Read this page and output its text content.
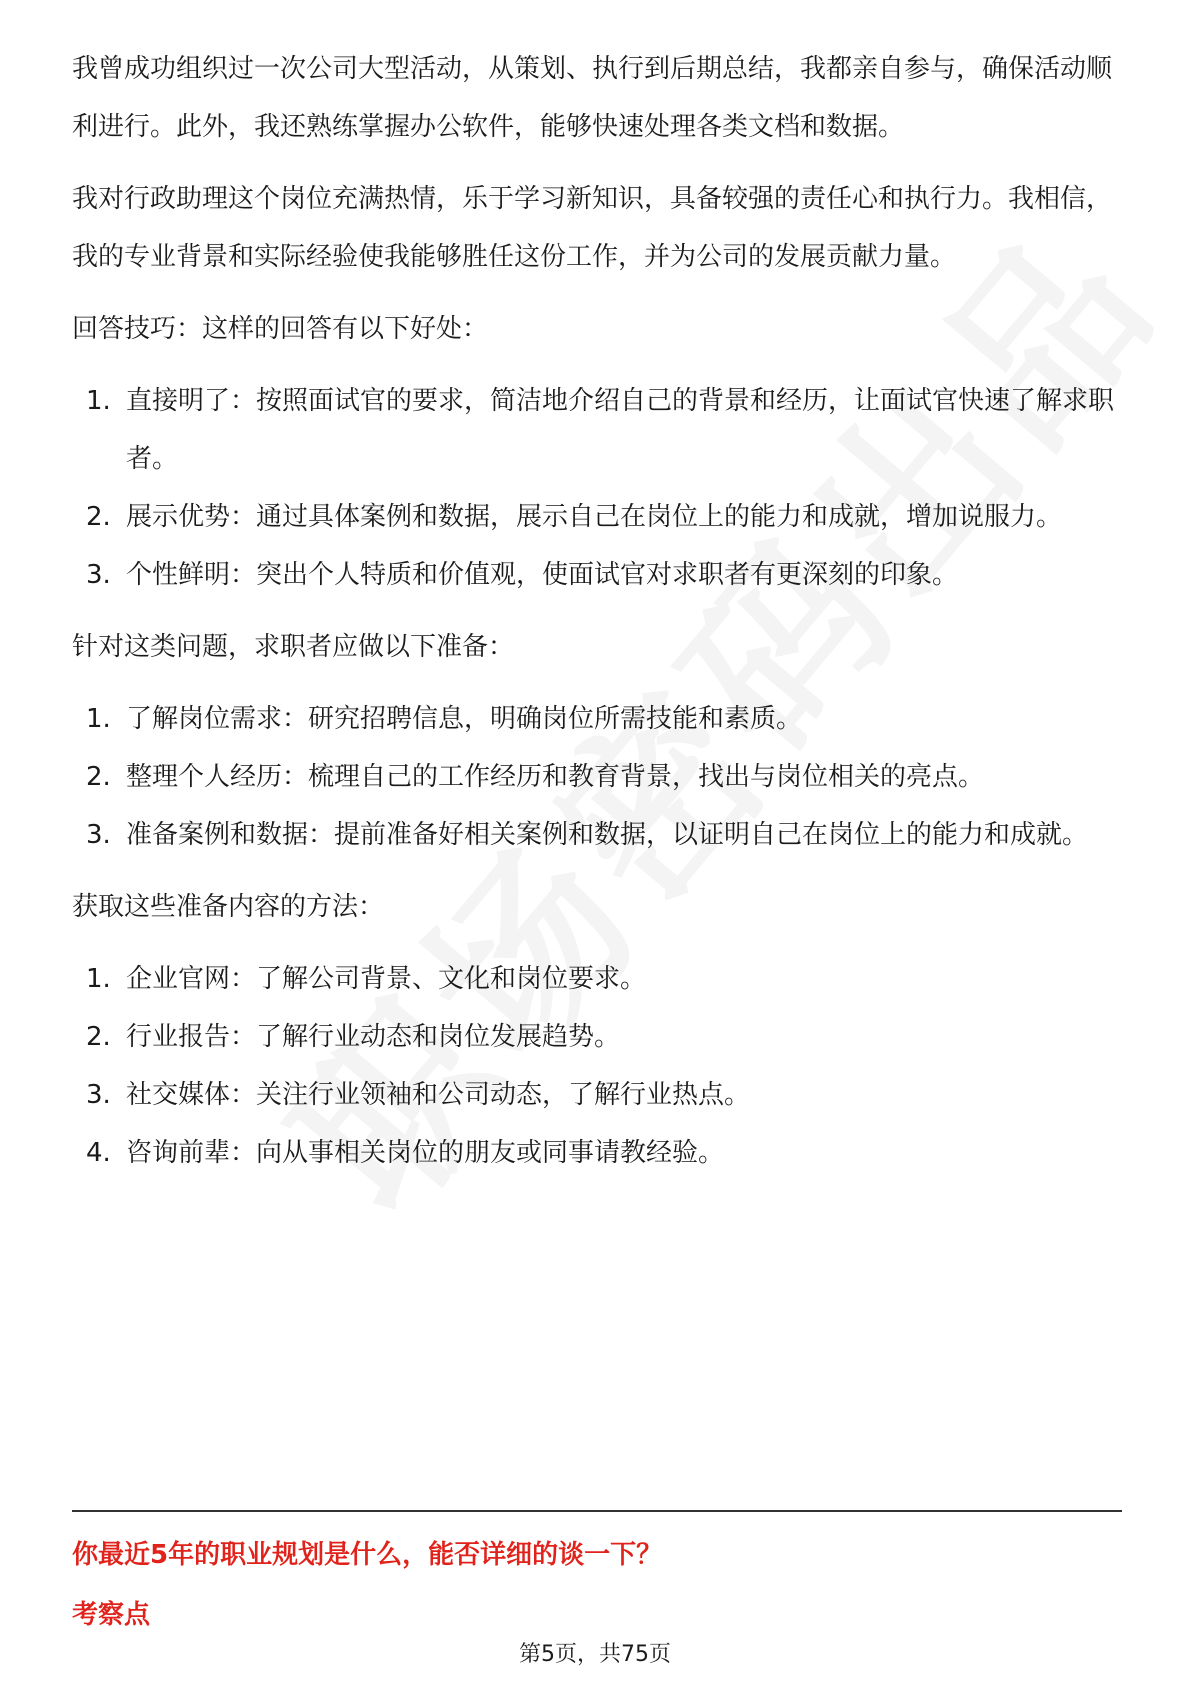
我曾成功组织过一次公司大型活动，从策划、执行到后期总结，我都亲自参与，确保活动顺利进行。此外，我还熟练掌握办公软件，能够快速处理各类文档和数据。

我对行政助理这个岗位充满热情，乐于学习新知识，具备较强的责任心和执行力。我相信，我的专业背景和实际经验使我能够胜任这份工作，并为公司的发展贡献力量。

回答技巧：这样的回答有以下好处：
1. 直接明了：按照面试官的要求，简洁地介绍自己的背景和经历，让面试官快速了解求职者。
2. 展示优势：通过具体案例和数据，展示自己在岗位上的能力和成就，增加说服力。
3. 个性鲜明：突出个人特质和价值观，使面试官对求职者有更深刻的印象。
针对这类问题，求职者应做以下准备：
1. 了解岗位需求：研究招聘信息，明确岗位所需技能和素质。
2. 整理个人经历：梳理自己的工作经历和教育背景，找出与岗位相关的亮点。
3. 准备案例和数据：提前准备好相关案例和数据，以证明自己在岗位上的能力和成就。
获取这些准备内容的方法：
1. 企业官网：了解公司背景、文化和岗位要求。
2. 行业报告：了解行业动态和岗位发展趋势。
3. 社交媒体：关注行业领袖和公司动态，了解行业热点。
4. 咨询前辈：向从事相关岗位的朋友或同事请教经验。
你最近5年的职业规划是什么，能否详细的谈一下？
考察点
第5页，共75页
